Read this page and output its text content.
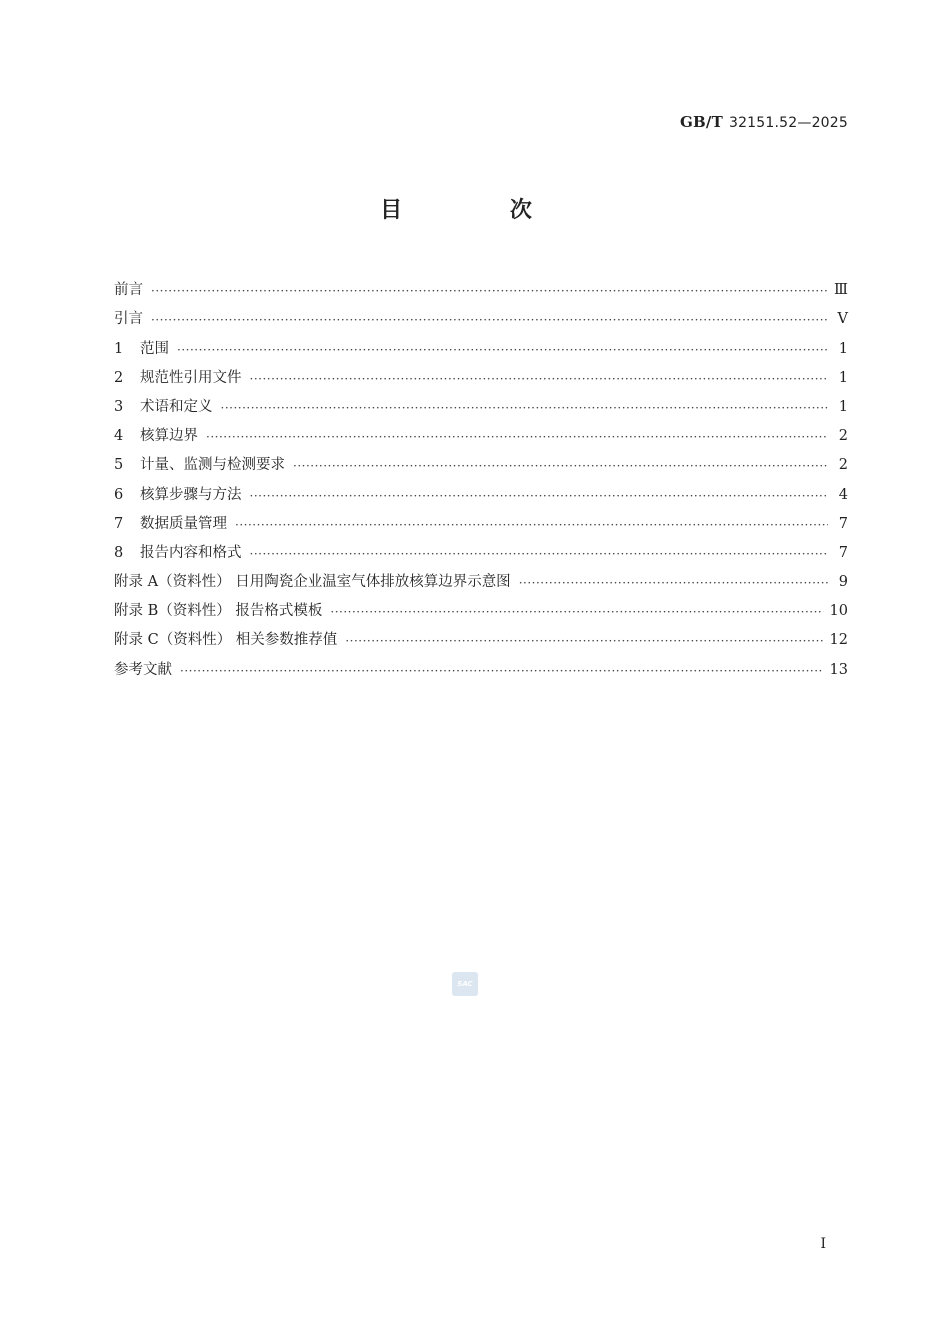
GB/T 32151.52—2025
目 次
前言 ·····	Ⅲ
引言 ·····	Ⅴ
1 范围 ·····	1
2 规范性引用文件 ·····	1
3 术语和定义 ·····	1
4 核算边界 ·····	2
5 计量、监测与检测要求 ·····	2
6 核算步骤与方法 ·····	4
7 数据质量管理 ·····	7
8 报告内容和格式 ·····	7
附录 A（资料性） 日用陶瓷企业温室气体排放核算边界示意图 ·····	9
附录 B（资料性） 报告格式模板 ·····	10
附录 C（资料性） 相关参数推荐值 ·····	12
参考文献 ·····	13
SAC
I
